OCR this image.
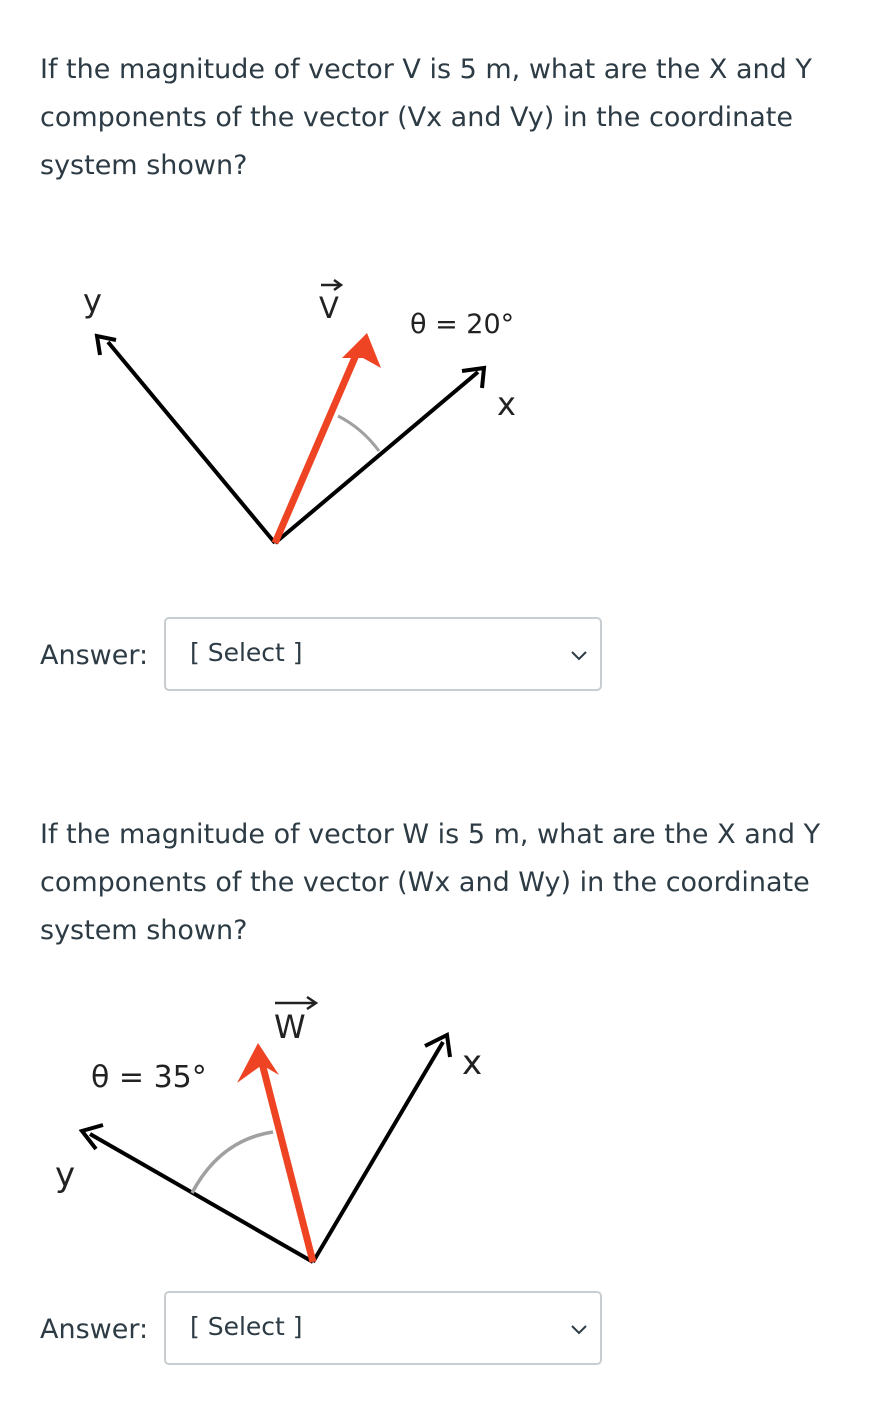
If the magnitude of vector V is 5 m, what are the X and Y components of the vector (Vx and Vy) in the coordinate system shown?
y
x
V	θ = 20°
Answer: [ Select ]
If the magnitude of vector W is 5 m, what are the X and Y components of the vector (Wx and Wy) in the coordinate system shown?
x
y
W
θ = 35°
Answer: [ Select ]
